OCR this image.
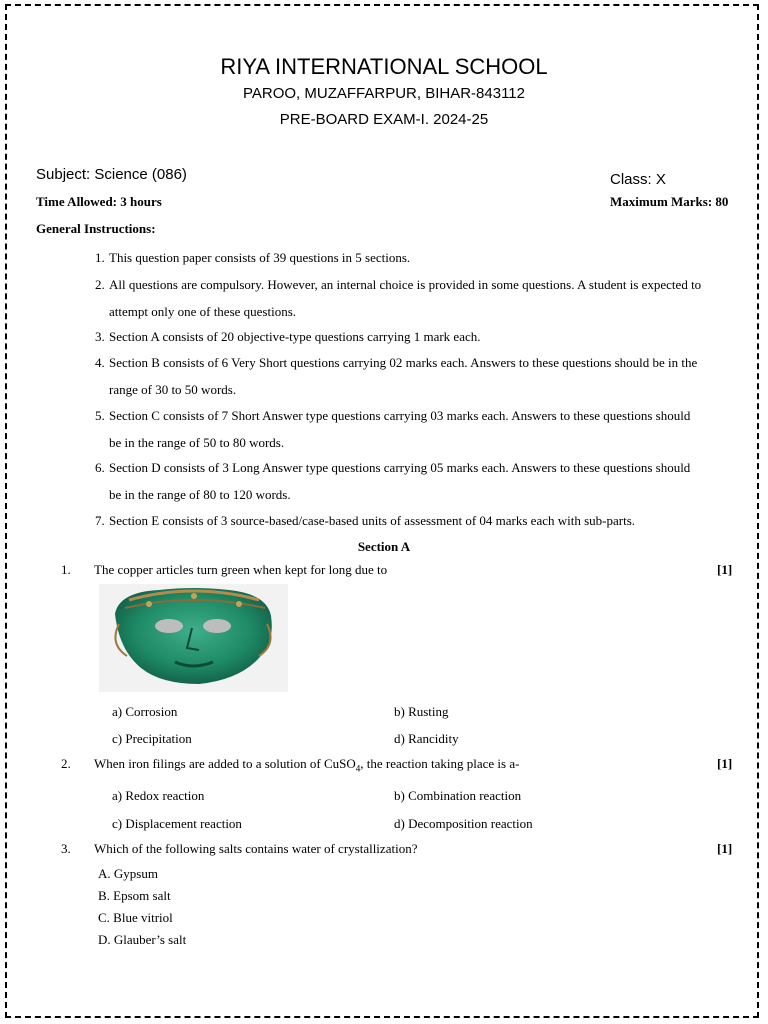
RIYA INTERNATIONAL SCHOOL
PAROO, MUZAFFARPUR, BIHAR-843112
PRE-BOARD EXAM-I. 2024-25
Subject: Science (086)	Class: X
Time Allowed: 3 hours	Maximum Marks: 80
General Instructions:
1. This question paper consists of 39 questions in 5 sections.
2. All questions are compulsory. However, an internal choice is provided in some questions. A student is expected to
attempt only one of these questions.
3. Section A consists of 20 objective-type questions carrying 1 mark each.
4. Section B consists of 6 Very Short questions carrying 02 marks each. Answers to these questions should be in the
range of 30 to 50 words.
5. Section C consists of 7 Short Answer type questions carrying 03 marks each. Answers to these questions should
be in the range of 50 to 80 words.
6. Section D consists of 3 Long Answer type questions carrying 05 marks each. Answers to these questions should
be in the range of 80 to 120 words.
7. Section E consists of 3 source-based/case-based units of assessment of 04 marks each with sub-parts.
Section A
1. The copper articles turn green when kept for long due to	[1]
a) Corrosion	b) Rusting
c) Precipitation	d) Rancidity
2. When iron filings are added to a solution of CuSO$_4$, the reaction taking place is a-	[1]
a) Redox reaction	b) Combination reaction
c) Displacement reaction	d) Decomposition reaction
3. Which of the following salts contains water of crystallization?	[1]
A. Gypsum
B. Epsom salt
C. Blue vitriol
D. Glauber’s salt
